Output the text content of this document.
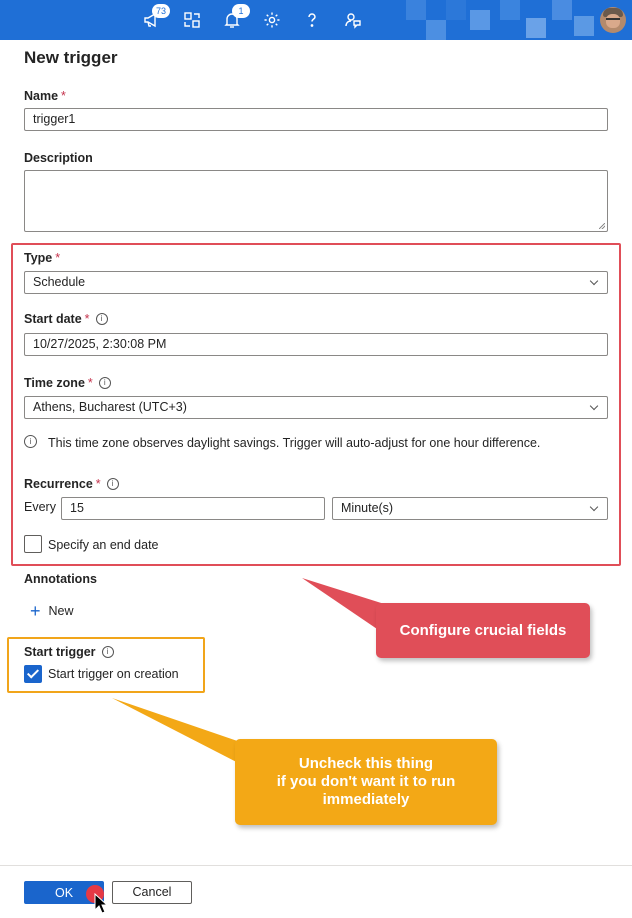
73	1
New trigger
Name *
trigger1
Description
Type *
Schedule
Start date * i
10/27/2025, 2:30:08 PM
Time zone * i
Athens, Bucharest (UTC+3)
i	This time zone observes daylight savings. Trigger will auto-adjust for one hour difference.
Recurrence * i
Every	15	Minute(s)
Specify an end date
Annotations
+ New
Configure crucial fields
Start trigger i
Start trigger on creation
Uncheck this thing
if you don't want it to run
immediately
OK	Cancel
